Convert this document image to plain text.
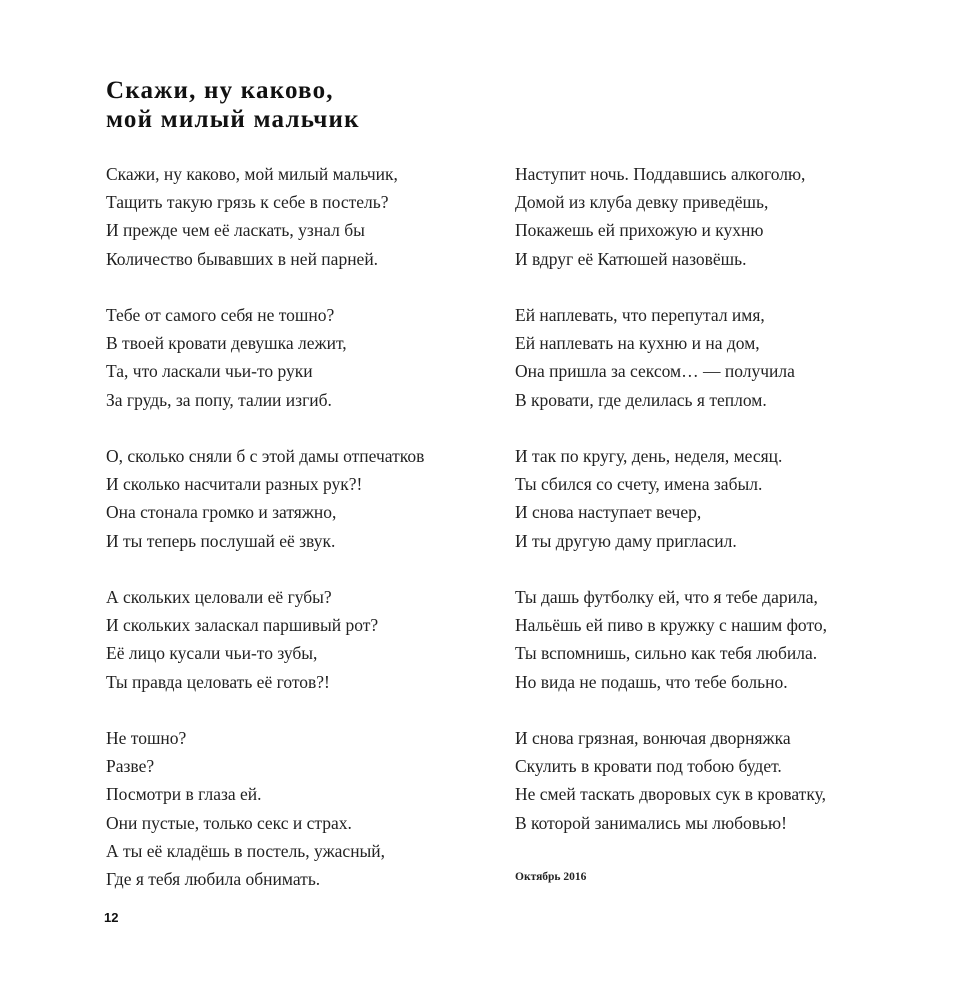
Скажи, ну каково,
мой милый мальчик
Скажи, ну каково, мой милый мальчик,
Тащить такую грязь к себе в постель?
И прежде чем её ласкать, узнал бы
Количество бывавших в ней парней.
Тебе от самого себя не тошно?
В твоей кровати девушка лежит,
Та, что ласкали чьи-то руки
За грудь, за попу, талии изгиб.
О, сколько сняли б с этой дамы отпечатков
И сколько насчитали разных рук?!
Она стонала громко и затяжно,
И ты теперь послушай её звук.
А скольких целовали её губы?
И скольких заласкал паршивый рот?
Её лицо кусали чьи-то зубы,
Ты правда целовать её готов?!
Не тошно?
Разве?
Посмотри в глаза ей.
Они пустые, только секс и страх.
А ты её кладёшь в постель, ужасный,
Где я тебя любила обнимать.
Наступит ночь. Поддавшись алкоголю,
Домой из клуба девку приведёшь,
Покажешь ей прихожую и кухню
И вдруг её Катюшей назовёшь.
Ей наплевать, что перепутал имя,
Ей наплевать на кухню и на дом,
Она пришла за сексом… — получила
В кровати, где делилась я теплом.
И так по кругу, день, неделя, месяц.
Ты сбился со счету, имена забыл.
И снова наступает вечер,
И ты другую даму пригласил.
Ты дашь футболку ей, что я тебе дарила,
Нальёшь ей пиво в кружку с нашим фото,
Ты вспомнишь, сильно как тебя любила.
Но вида не подашь, что тебе больно.
И снова грязная, вонючая дворняжка
Скулить в кровати под тобою будет.
Не смей таскать дворовых сук в кроватку,
В которой занимались мы любовью!
Октябрь 2016
12
